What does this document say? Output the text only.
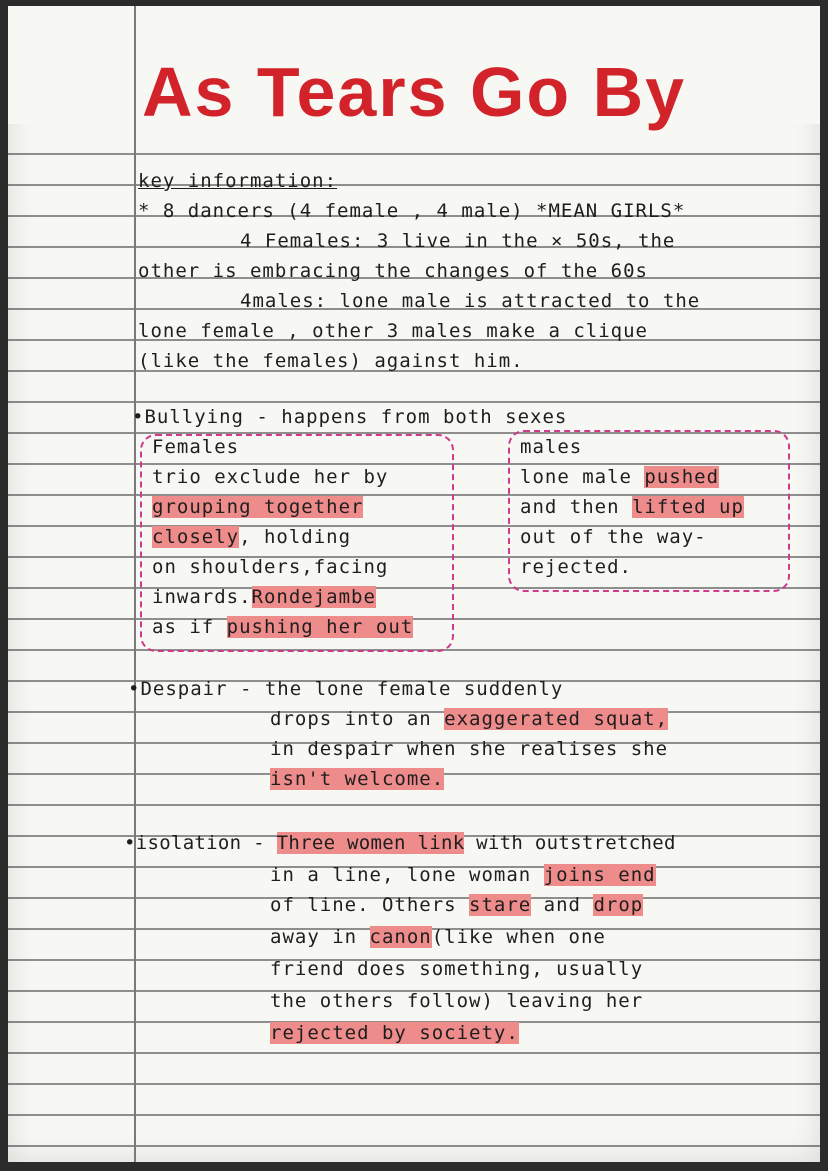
As Tears Go By
key information:
* 8 dancers (4 female , 4 male) *MEAN GIRLS*
4 Females: 3 live in the × 50s, the
other is embracing the changes of the 60s
4males: lone male is attracted to the
lone female , other 3 males make a clique
(like the females) against him.
•Bullying - happens from both sexes
Females
trio exclude her by
grouping together
closely, holding
on shoulders,facing
inwards.Rondejambe
as if pushing her out
males
lone male pushed
and then lifted up
out of the way-
rejected.
•Despair - the lone female suddenly
drops into an exaggerated squat,
in despair when she realises she
isn't welcome.
•isolation - Three women link with outstretched
in a line, lone woman joins end
of line. Others stare and drop
away in canon(like when one
friend does something, usually
the others follow) leaving her
rejected by society.
